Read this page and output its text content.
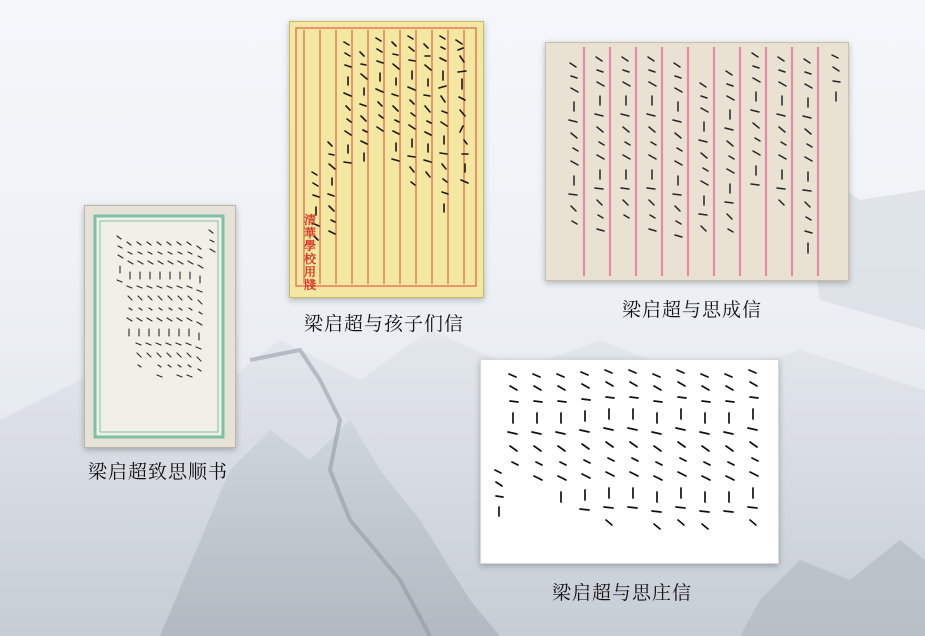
清華學校用牋
梁启超与孩子们信
梁启超与思成信
梁启超致思顺书
梁启超与思庄信
